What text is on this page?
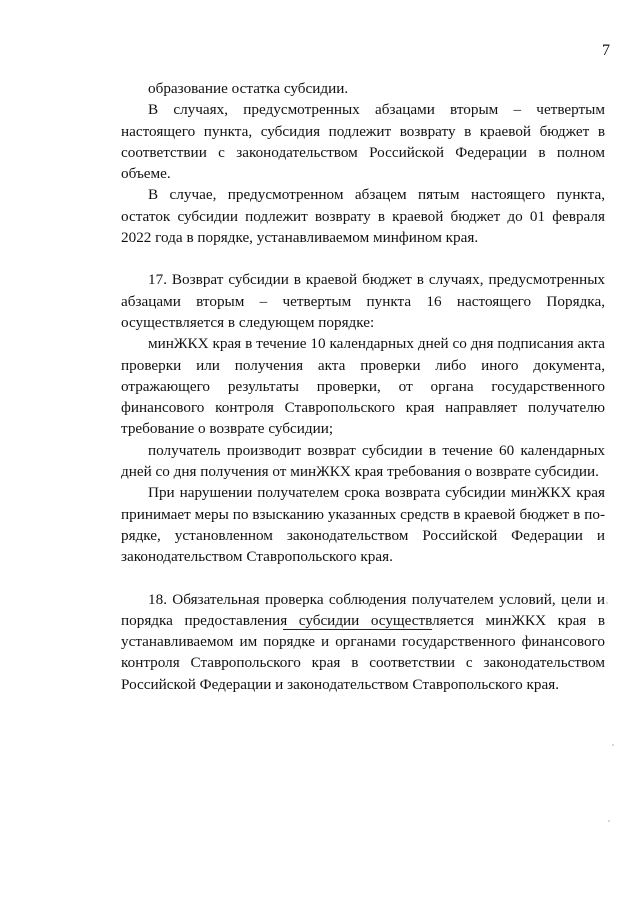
7

образование остатка субсидии.

В случаях, предусмотренных абзацами вторым – четвертым настоящего пункта, субсидия подлежит возврату в краевой бюджет в соответствии с законодательством Российской Федерации в полном объеме.

В случае, предусмотренном абзацем пятым настоящего пункта, остаток субсидии подлежит возврату в краевой бюджет до 01 февраля 2022 года в порядке, устанавливаемом минфином края.

17. Возврат субсидии в краевой бюджет в случаях, предусмотренных абзацами вторым – четвертым пункта 16 настоящего Порядка, осуществляется в следующем порядке:

минЖКХ края в течение 10 календарных дней со дня подписания акта проверки или получения акта проверки либо иного документа, отражающего результаты проверки, от органа государственного финансового контроля Ставропольского края направляет получателю требование о возврате субсидии;

получатель производит возврат субсидии в течение 60 календарных дней со дня получения от минЖКХ края требования о возврате субсидии.

При нарушении получателем срока возврата субсидии минЖКХ края принимает меры по взысканию указанных средств в краевой бюджет в порядке, установленном законодательством Российской Федерации и законодательством Ставропольского края.

18. Обязательная проверка соблюдения получателем условий, цели и порядка предоставления субсидии осуществляется минЖКХ края в устанавливаемом им порядке и органами государственного финансового контроля Ставропольского края в соответствии с законодательством Российской Федерации и законодательством Ставропольского края.
